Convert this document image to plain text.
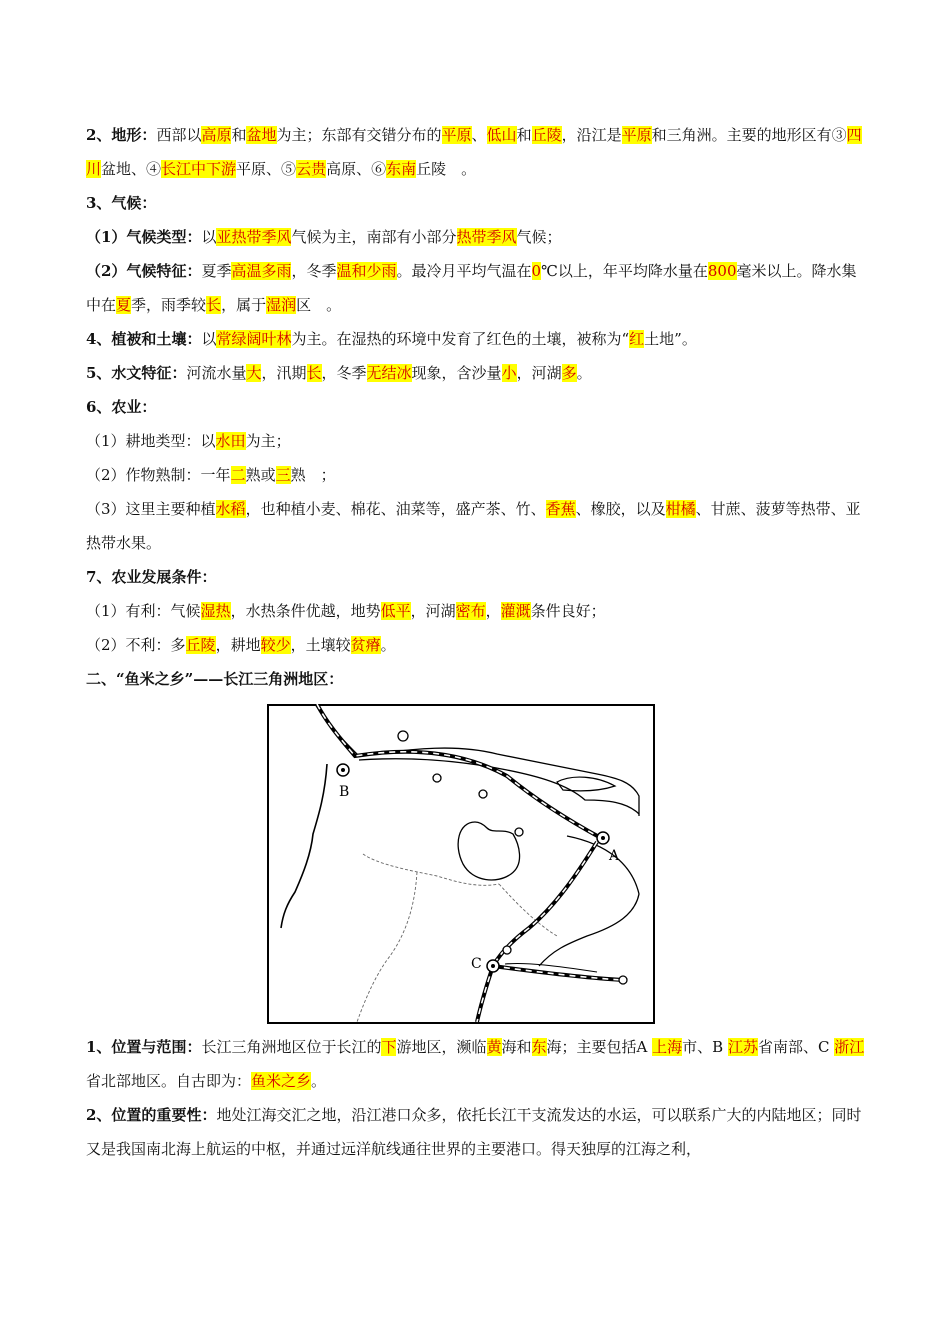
2、地形：西部以高原和盆地为主；东部有交错分布的平原、低山和丘陵，沿江是平原和三角洲。主要的地形区有③四川盆地、④长江中下游平原、⑤云贵高原、⑥东南丘陵　。

3、气候：

（1）气候类型：以亚热带季风气候为主，南部有小部分热带季风气候；

（2）气候特征：夏季高温多雨，冬季温和少雨。最冷月平均气温在0℃以上，年平均降水量在800毫米以上。降水集中在夏季，雨季较长，属于湿润区　。

4、植被和土壤：以常绿阔叶林为主。在湿热的环境中发育了红色的土壤，被称为“红土地”。

5、水文特征：河流水量大，汛期长，冬季无结冰现象，含沙量小，河湖多。

6、农业：

（1）耕地类型：以水田为主；

（2）作物熟制：一年二熟或三熟　；

（3）这里主要种植水稻，也种植小麦、棉花、油菜等，盛产茶、竹、香蕉、橡胶，以及柑橘、甘蔗、菠萝等热带、亚热带水果。

7、农业发展条件：

（1）有利：气候湿热，水热条件优越，地势低平，河湖密布，灌溉条件良好；

（2）不利：多丘陵，耕地较少，土壤较贫瘠。

二、“鱼米之乡”——长江三角洲地区：

B
A
C

1、位置与范围：长江三角洲地区位于长江的下游地区，濒临黄海和东海；主要包括A 上海市、B 江苏省南部、C 浙江省北部地区。自古即为：鱼米之乡。

2、位置的重要性：地处江海交汇之地，沿江港口众多，依托长江干支流发达的水运，可以联系广大的内陆地区；同时又是我国南北海上航运的中枢，并通过远洋航线通往世界的主要港口。得天独厚的江海之利，
